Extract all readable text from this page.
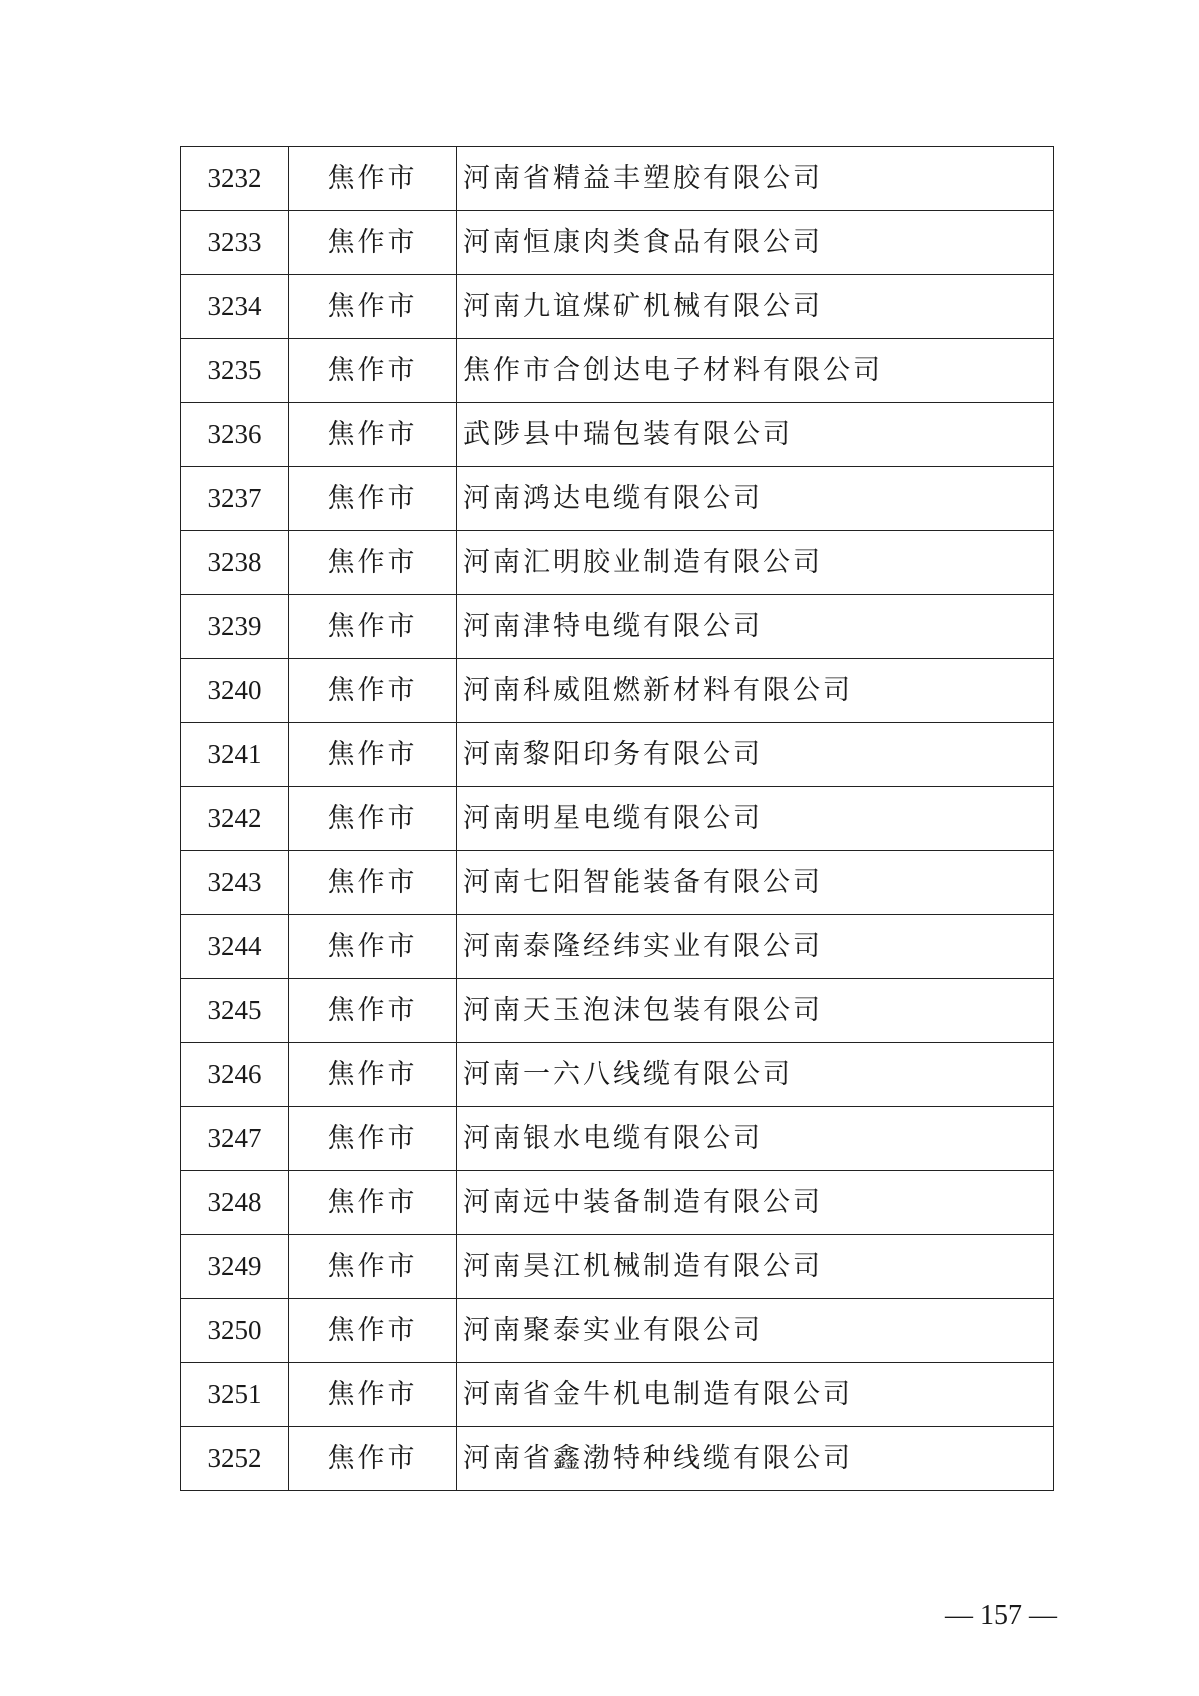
3232	焦作市	河南省精益丰塑胶有限公司
3233	焦作市	河南恒康肉类食品有限公司
3234	焦作市	河南九谊煤矿机械有限公司
3235	焦作市	焦作市合创达电子材料有限公司
3236	焦作市	武陟县中瑞包装有限公司
3237	焦作市	河南鸿达电缆有限公司
3238	焦作市	河南汇明胶业制造有限公司
3239	焦作市	河南津特电缆有限公司
3240	焦作市	河南科威阻燃新材料有限公司
3241	焦作市	河南黎阳印务有限公司
3242	焦作市	河南明星电缆有限公司
3243	焦作市	河南七阳智能装备有限公司
3244	焦作市	河南泰隆经纬实业有限公司
3245	焦作市	河南天玉泡沫包装有限公司
3246	焦作市	河南一六八线缆有限公司
3247	焦作市	河南银水电缆有限公司
3248	焦作市	河南远中装备制造有限公司
3249	焦作市	河南昊江机械制造有限公司
3250	焦作市	河南聚泰实业有限公司
3251	焦作市	河南省金牛机电制造有限公司
3252	焦作市	河南省鑫渤特种线缆有限公司
— 157 —
